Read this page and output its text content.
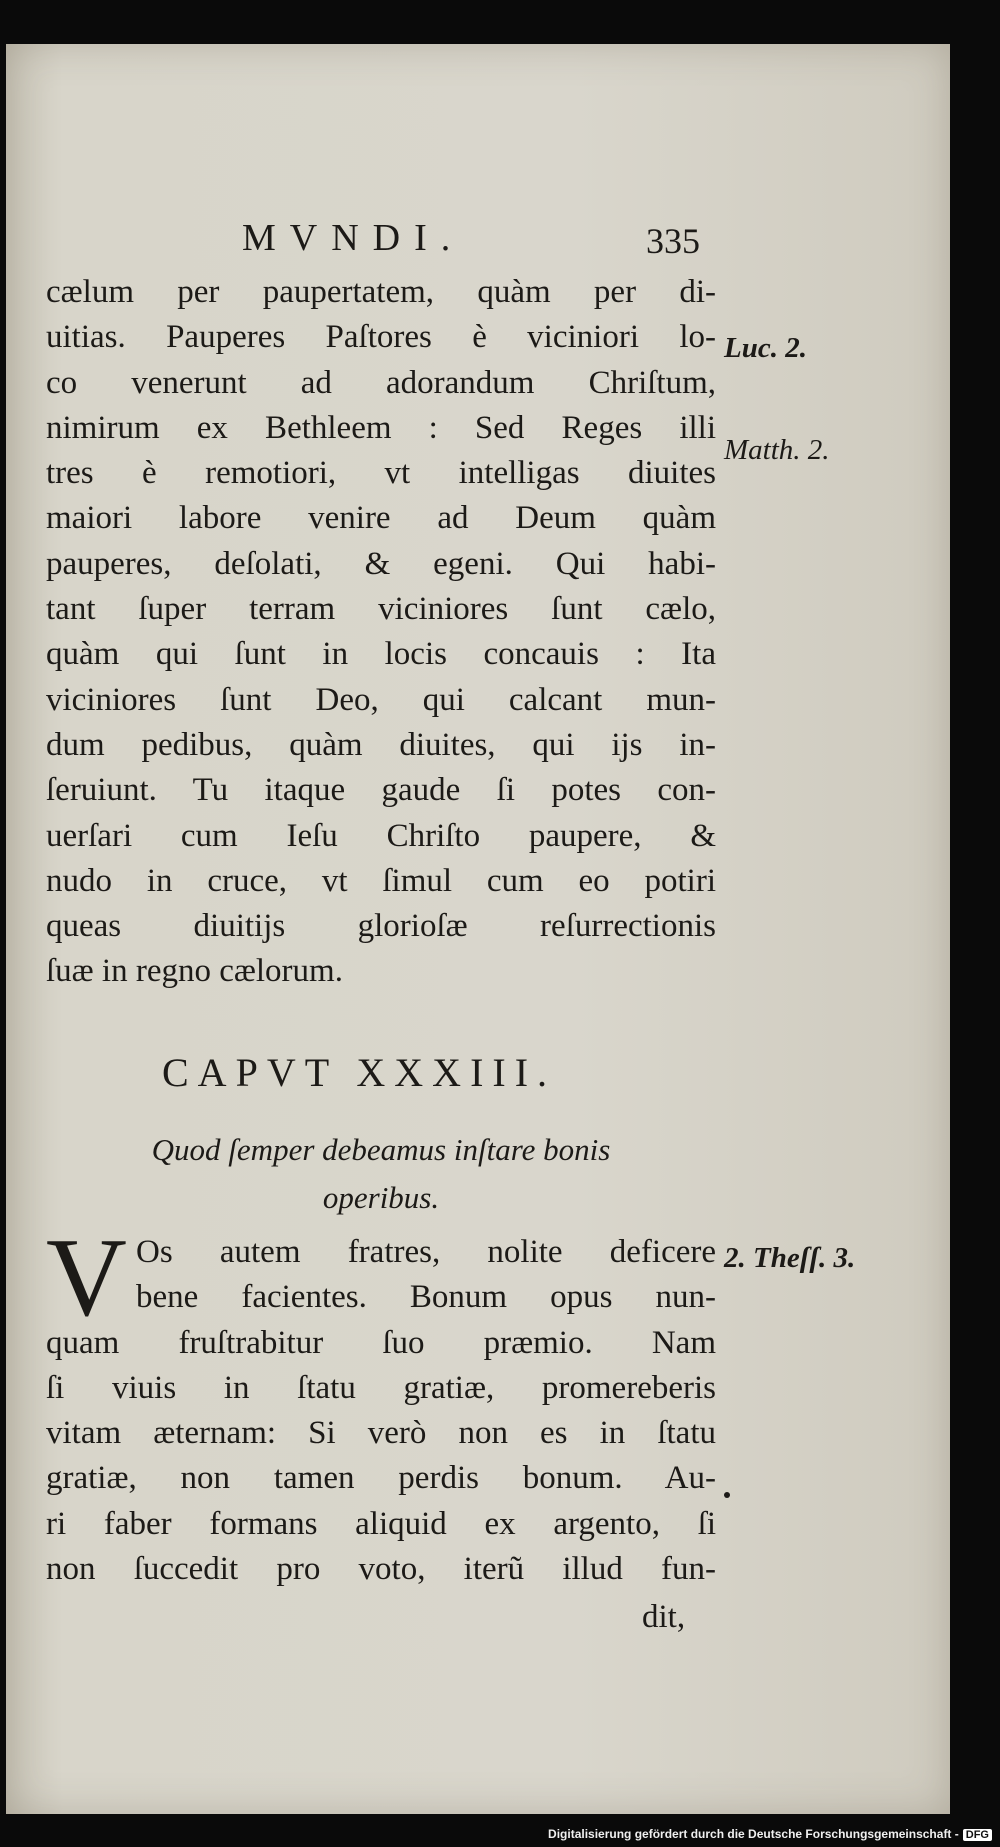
MVNDI.	335
cælum per paupertatem, quàm per di-
uitias. Pauperes Paſtores è viciniori lo-
co venerunt ad adorandum Chriſtum,
nimirum ex Bethleem : Sed Reges illi
tres è remotiori, vt intelligas diuites
maiori labore venire ad Deum quàm
pauperes, deſolati, & egeni. Qui habi-
tant ſuper terram viciniores ſunt cælo,
quàm qui ſunt in locis concauis : Ita
viciniores ſunt Deo, qui calcant mun-
dum pedibus, quàm diuites, qui ijs in-
ſeruiunt. Tu itaque gaude ſi potes con-
uerſari cum Ieſu Chriſto paupere, &
nudo in cruce, vt ſimul cum eo potiri
queas diuitijs glorioſæ reſurrectionis
ſuæ in regno cælorum.
CAPVT XXXIII.
Quod ſemper debeamus inſtare bonis
operibus.
V Os autem fratres, nolite deficere
bene facientes. Bonum opus nun-
quam fruſtrabitur ſuo præmio. Nam
ſi viuis in ſtatu gratiæ, promereberis
vitam æternam: Si verò non es in ſtatu
gratiæ, non tamen perdis bonum. Au-
ri faber formans aliquid ex argento, ſi
non ſuccedit pro voto, iterũ illud fun-
dit,
Luc. 2.
Matth. 2.
2. Theſſ. 3.
Digitalisierung gefördert durch die Deutsche Forschungsgemeinschaft - DFG
